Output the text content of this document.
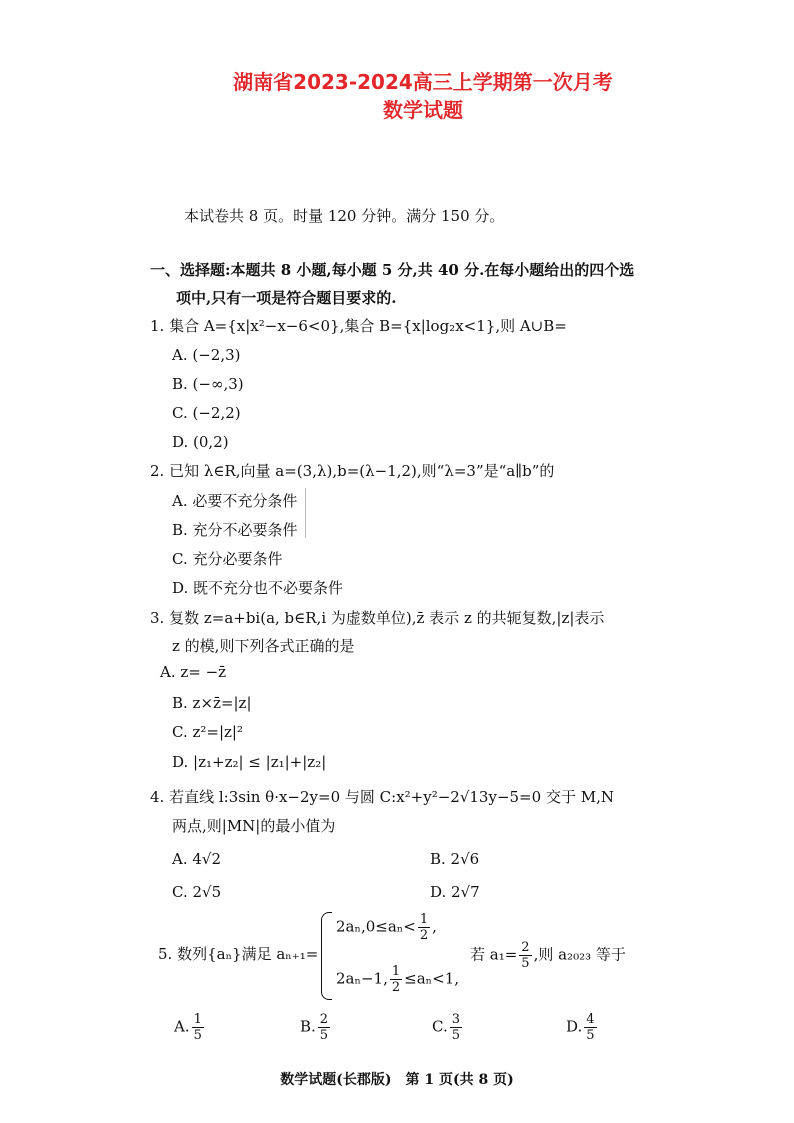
湖南省2023-2024高三上学期第一次月考
数学试题
本试卷共 8 页。时量 120 分钟。满分 150 分。
一、选择题:本题共 8 小题,每小题 5 分,共 40 分.在每小题给出的四个选
项中,只有一项是符合题目要求的.
1. 集合 A={x|x²−x−6<0},集合 B={x|log₂x<1},则 A∪B=
A. (−2,3)
B. (−∞,3)
C. (−2,2)
D. (0,2)
2. 已知 λ∈R,向量 a=(3,λ),b=(λ−1,2),则“λ=3”是“a∥b”的
A. 必要不充分条件
B. 充分不必要条件
C. 充分必要条件
D. 既不充分也不必要条件
3. 复数 z=a+bi(a, b∈R,i 为虚数单位),z̄ 表示 z 的共轭复数,|z|表示
z 的模,则下列各式正确的是
A. z= −z̄
B. z×z̄=|z|
C. z²=|z|²
D. |z₁+z₂| ≤ |z₁|+|z₂|
4. 若直线 l:3sin θ·x−2y=0 与圆 C:x²+y²−2√13y−5=0 交于 M,N
两点,则|MN|的最小值为
A. 4√2	B. 2√6
C. 2√5	D. 2√7
5. 数列{aₙ}满足 aₙ₊₁=
$2a_n,0\le a_n< \frac{1}{2}$ ,
2aₙ−1, $\frac{1}{2} \le a_n<1$,
若 $a_1= \frac{2}{5}$ ,则 a₂₀₂₃ 等于
A. $\frac{1}{5}$	B. $\frac{2}{5}$	C. $\frac{3}{5}$	D. $\frac{4}{5}$
数学试题(长郡版)　第 1 页(共 8 页)
